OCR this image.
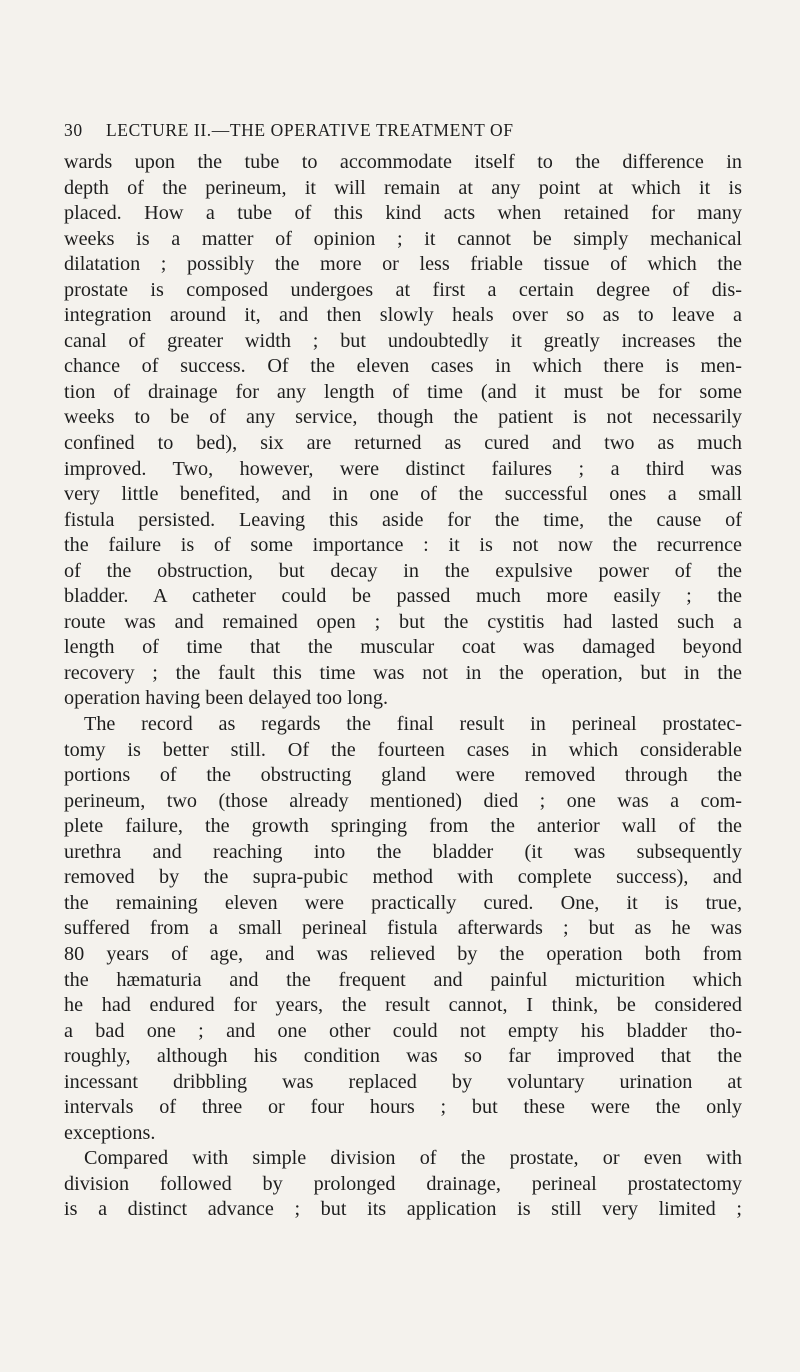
30 LECTURE II.—THE OPERATIVE TREATMENT OF
wards upon the tube to accommodate itself to the difference in
depth of the perineum, it will remain at any point at which it is
placed. How a tube of this kind acts when retained for many
weeks is a matter of opinion ; it cannot be simply mechanical
dilatation ; possibly the more or less friable tissue of which the
prostate is composed undergoes at first a certain degree of dis-
integration around it, and then slowly heals over so as to leave a
canal of greater width ; but undoubtedly it greatly increases the
chance of success. Of the eleven cases in which there is men-
tion of drainage for any length of time (and it must be for some
weeks to be of any service, though the patient is not necessarily
confined to bed), six are returned as cured and two as much
improved. Two, however, were distinct failures ; a third was
very little benefited, and in one of the successful ones a small
fistula persisted. Leaving this aside for the time, the cause of
the failure is of some importance : it is not now the recurrence
of the obstruction, but decay in the expulsive power of the
bladder. A catheter could be passed much more easily ; the
route was and remained open ; but the cystitis had lasted such a
length of time that the muscular coat was damaged beyond
recovery ; the fault this time was not in the operation, but in the
operation having been delayed too long.
The record as regards the final result in perineal prostatec-
tomy is better still. Of the fourteen cases in which considerable
portions of the obstructing gland were removed through the
perineum, two (those already mentioned) died ; one was a com-
plete failure, the growth springing from the anterior wall of the
urethra and reaching into the bladder (it was subsequently
removed by the supra-pubic method with complete success), and
the remaining eleven were practically cured. One, it is true,
suffered from a small perineal fistula afterwards ; but as he was
80 years of age, and was relieved by the operation both from
the hæmaturia and the frequent and painful micturition which
he had endured for years, the result cannot, I think, be considered
a bad one ; and one other could not empty his bladder tho-
roughly, although his condition was so far improved that the
incessant dribbling was replaced by voluntary urination at
intervals of three or four hours ; but these were the only
exceptions.
Compared with simple division of the prostate, or even with
division followed by prolonged drainage, perineal prostatectomy
is a distinct advance ; but its application is still very limited ;
